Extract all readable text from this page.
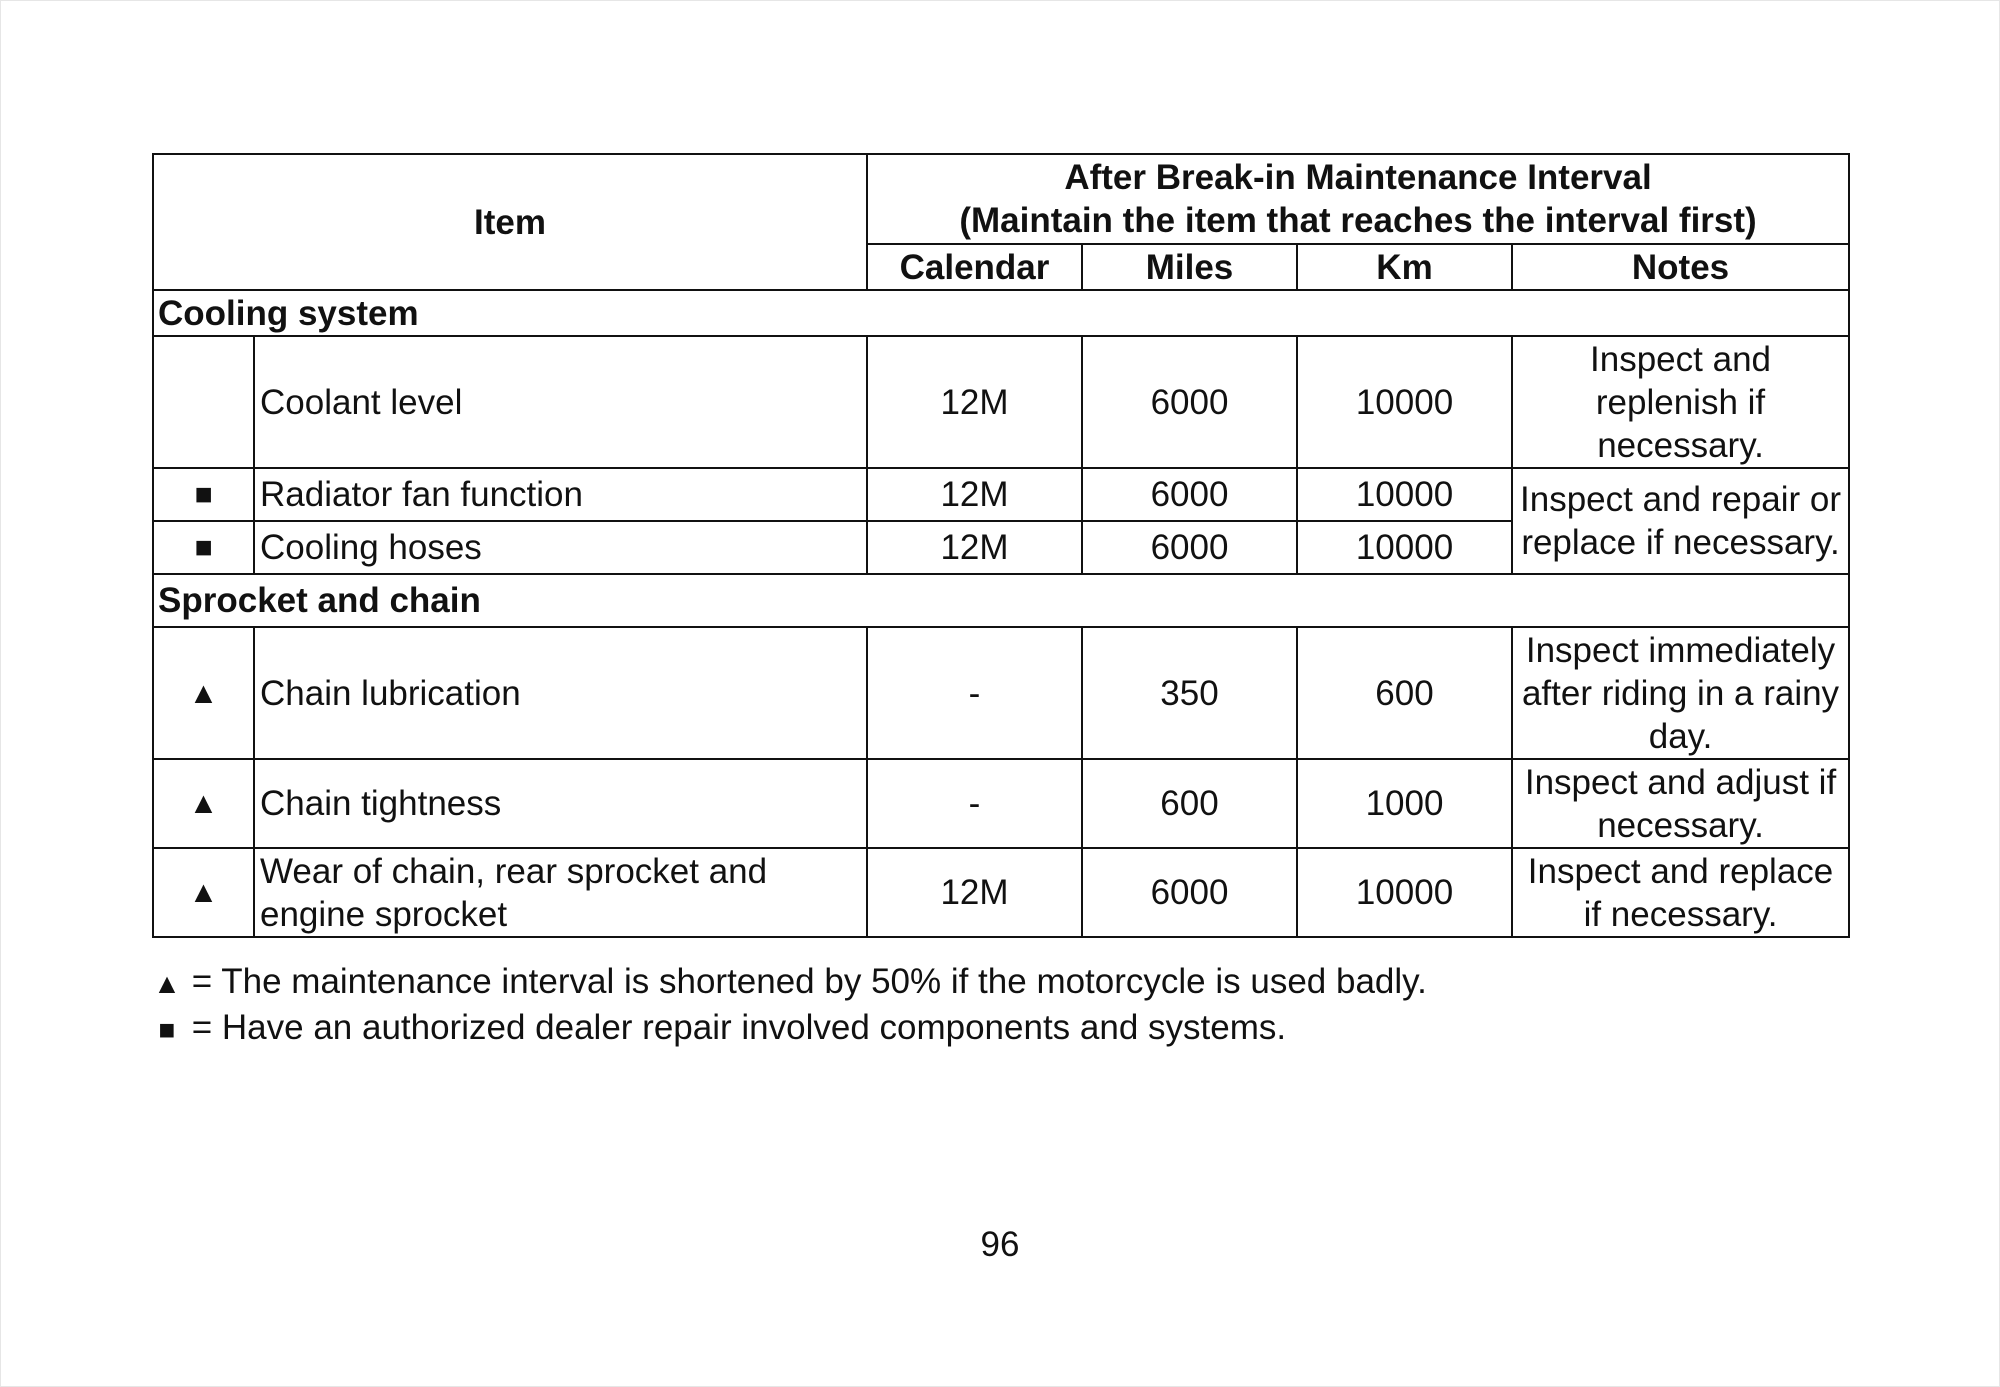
Item		After Break-in Maintenance Interval
(Maintain the item that reaches the interval first)			

		Calendar	Miles	Km	Notes
Cooling system					
	Coolant level	12M	6000	10000	Inspect and
replenish if
necessary.
■	Radiator fan function	12M	6000	10000	Inspect and repair or
replace if necessary.
■	Cooling hoses	12M	6000	10000	
Sprocket and chain					
▲	Chain lubrication	-	350	600	Inspect immediately
after riding in a rainy
day.
▲	Chain tightness	-	600	1000	Inspect and adjust if
necessary.
▲	Wear of chain, rear sprocket and engine sprocket	12M	6000	10000	Inspect and replace
if necessary.
▲ = The maintenance interval is shortened by 50% if the motorcycle is used badly.
■ = Have an authorized dealer repair involved components and systems.
96
